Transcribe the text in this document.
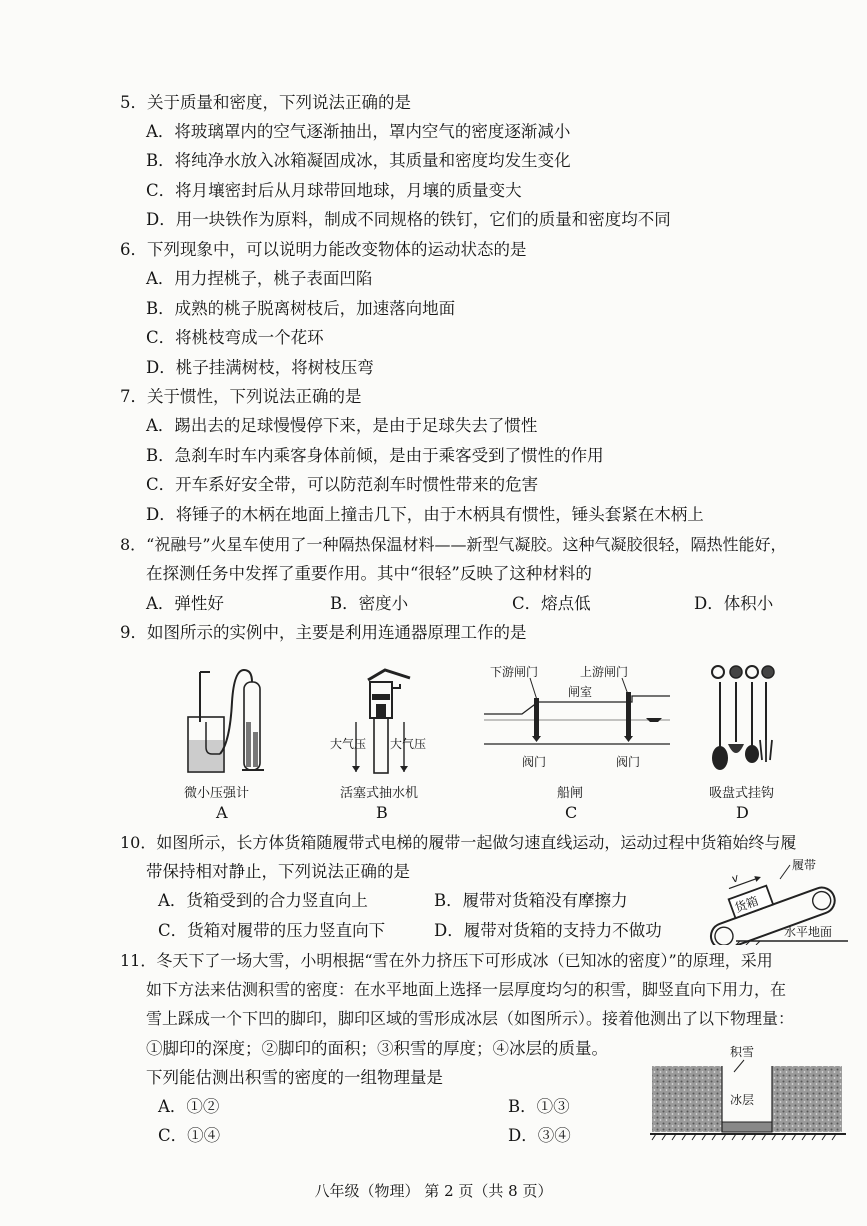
5．关于质量和密度，下列说法正确的是
A．将玻璃罩内的空气逐渐抽出，罩内空气的密度逐渐减小
B．将纯净水放入冰箱凝固成冰，其质量和密度均发生变化
C．将月壤密封后从月球带回地球，月壤的质量变大
D．用一块铁作为原料，制成不同规格的铁钉，它们的质量和密度均不同
6．下列现象中，可以说明力能改变物体的运动状态的是
A．用力捏桃子，桃子表面凹陷
B．成熟的桃子脱离树枝后，加速落向地面
C．将桃枝弯成一个花环
D．桃子挂满树枝，将树枝压弯
7．关于惯性，下列说法正确的是
A．踢出去的足球慢慢停下来，是由于足球失去了惯性
B．急刹车时车内乘客身体前倾，是由于乘客受到了惯性的作用
C．开车系好安全带，可以防范刹车时惯性带来的危害
D．将锤子的木柄在地面上撞击几下，由于木柄具有惯性，锤头套紧在木柄上
8．“祝融号”火星车使用了一种隔热保温材料——新型气凝胶。这种气凝胶很轻，隔热性能好，
在探测任务中发挥了重要作用。其中“很轻”反映了这种材料的
A．弹性好	B．密度小	C．熔点低	D．体积小
9．如图所示的实例中，主要是利用连通器原理工作的是
微小压强计
A
大气压 大气压
活塞式抽水机
B
下游闸门	上游闸门
闸室
阀门	阀门
船闸
C
吸盘式挂钩
D
10．如图所示，长方体货箱随履带式电梯的履带一起做匀速直线运动，运动过程中货箱始终与履
带保持相对静止，下列说法正确的是
A．货箱受到的合力竖直向上	B．履带对货箱没有摩擦力
C．货箱对履带的压力竖直向下	D．履带对货箱的支持力不做功
货箱
v
履带
水平地面
11．冬天下了一场大雪，小明根据“雪在外力挤压下可形成冰（已知冰的密度）”的原理，采用
如下方法来估测积雪的密度：在水平地面上选择一层厚度均匀的积雪，脚竖直向下用力，在
雪上踩成一个下凹的脚印，脚印区域的雪形成冰层（如图所示）。接着他测出了以下物理量：
①脚印的深度；②脚印的面积；③积雪的厚度；④冰层的质量。
下列能估测出积雪的密度的一组物理量是
A．①②	B．①③
C．①④	D．③④
积雪
冰层
八年级（物理） 第 2 页（共 8 页）
